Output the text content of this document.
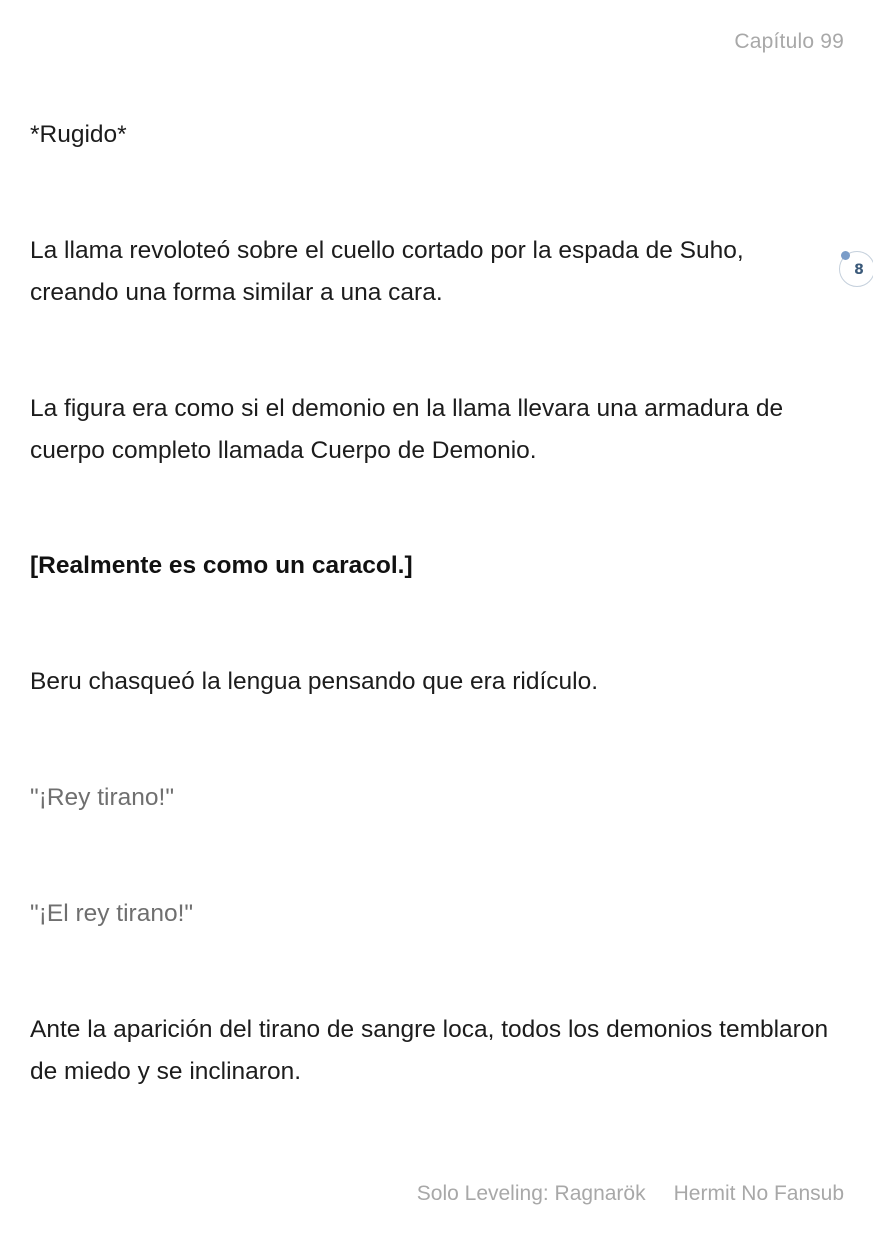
Capítulo 99

*Rugido*

La llama revoloteó sobre el cuello cortado por la espada de Suho, creando una forma similar a una cara.

La figura era como si el demonio en la llama llevara una armadura de cuerpo completo llamada Cuerpo de Demonio.

[Realmente es como un caracol.]

Beru chasqueó la lengua pensando que era ridículo.

"¡Rey tirano!"

"¡El rey tirano!"

Ante la aparición del tirano de sangre loca, todos los demonios temblaron de miedo y se inclinaron.

8
Solo Leveling: Ragnarök Hermit No Fansub
